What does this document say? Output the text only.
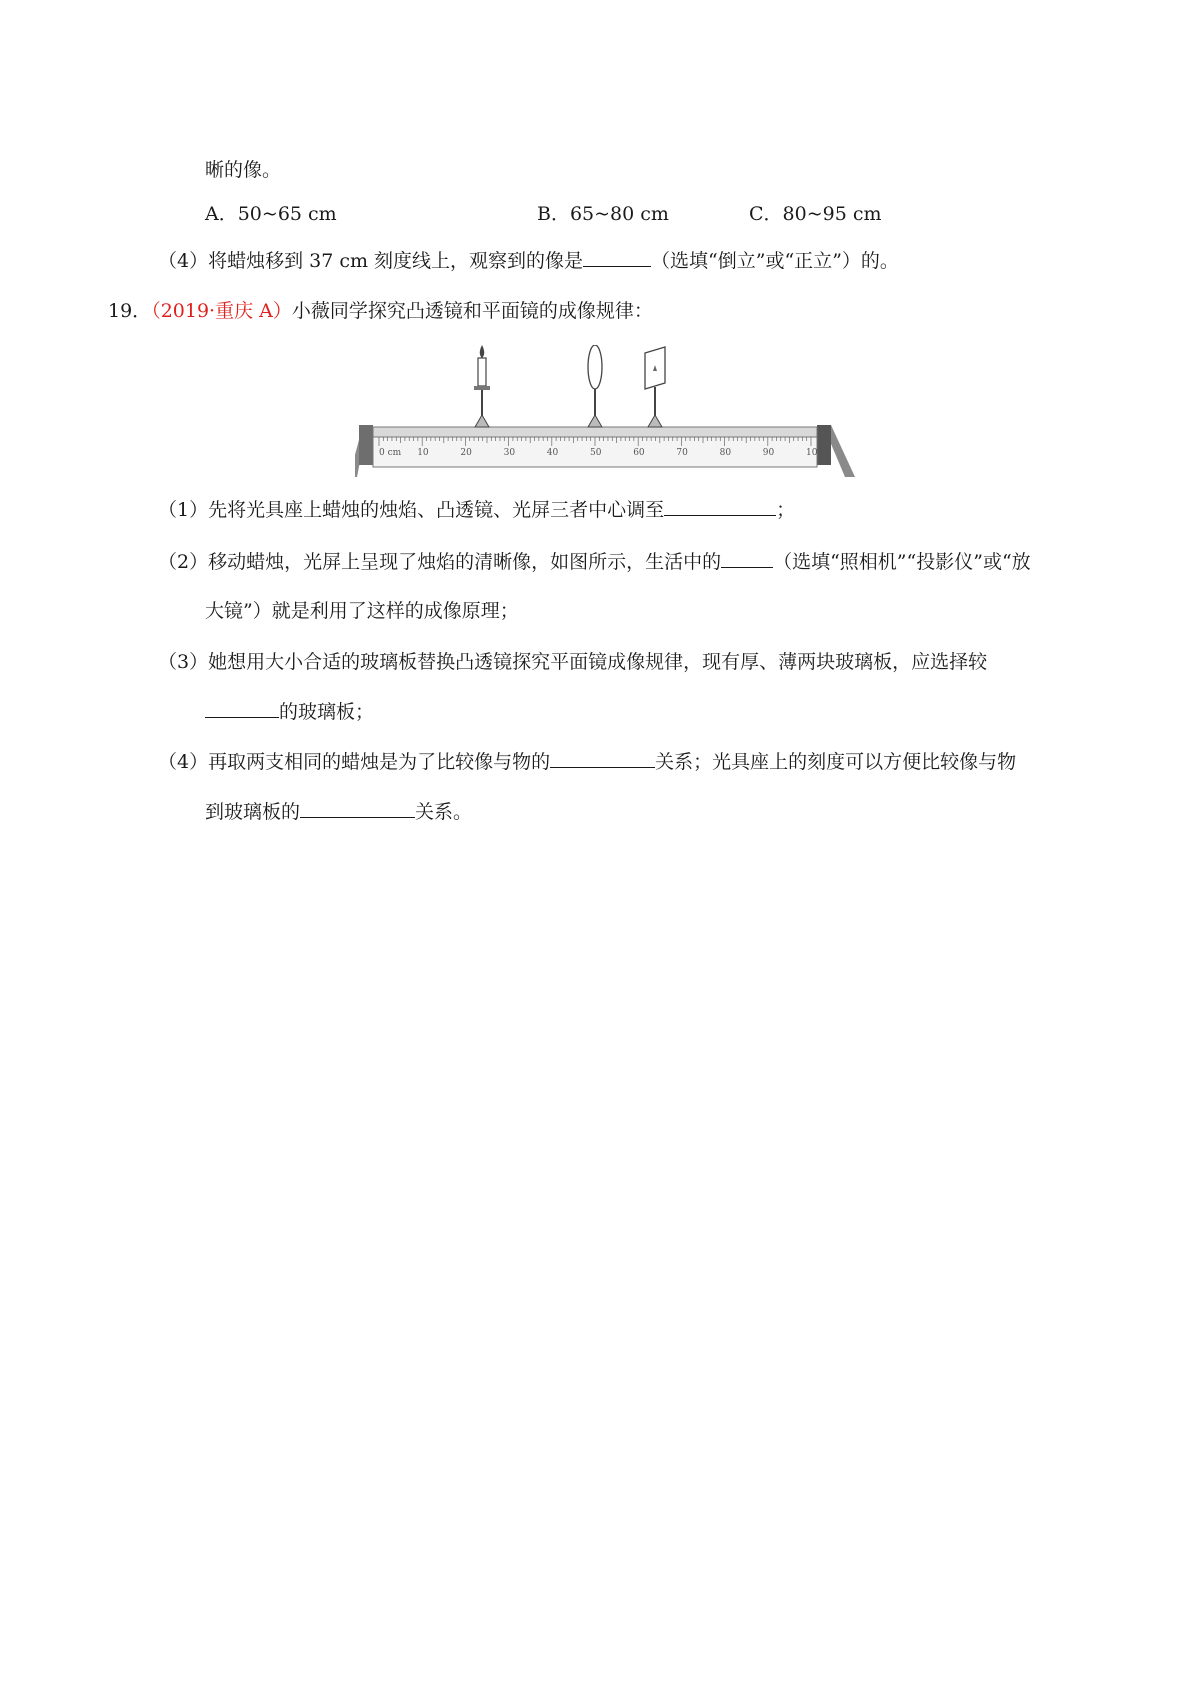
晰的像。
A．50~65 cm	B．65~80 cm	C．80~95 cm
（4）将蜡烛移到 37 cm 刻度线上，观察到的像是	（选填“倒立”或“正立”）的。
19．（2019·重庆 A）小薇同学探究凸透镜和平面镜的成像规律：
0 cm 10	20	30	40	50	60	70	80	90	100
（1）先将光具座上蜡烛的烛焰、凸透镜、光屏三者中心调至	；
（2）移动蜡烛，光屏上呈现了烛焰的清晰像，如图所示，生活中的	（选填“照相机”“投影仪”或“放
大镜”）就是利用了这样的成像原理；
（3）她想用大小合适的玻璃板替换凸透镜探究平面镜成像规律，现有厚、薄两块玻璃板，应选择较
的玻璃板；
（4）再取两支相同的蜡烛是为了比较像与物的	关系；光具座上的刻度可以方便比较像与物
到玻璃板的	关系。
